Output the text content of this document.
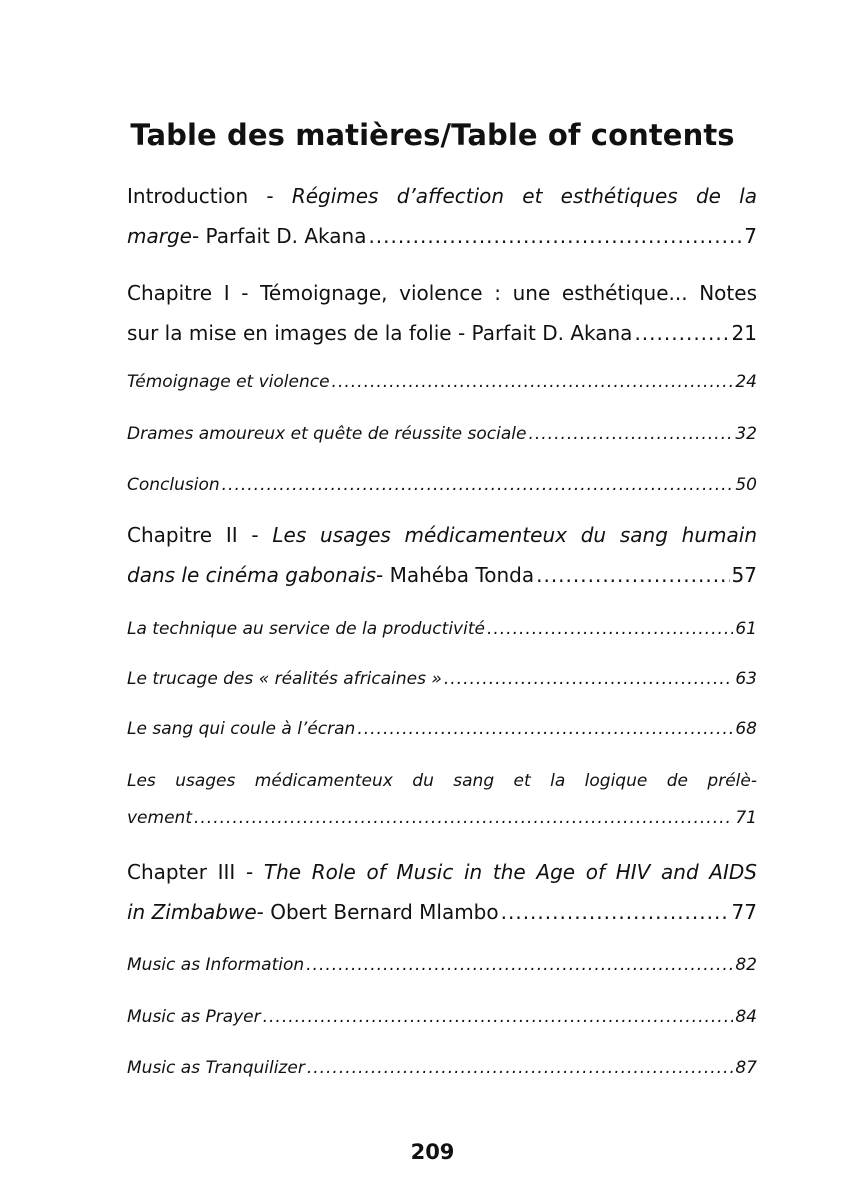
Table des matières/Table of contents
Introduction - Régimes d’affection et esthétiques de la
marge - Parfait D. Akana .....	7
Chapitre I - Témoignage, violence : une esthétique... Notes
sur la mise en images de la folie - Parfait D. Akana .....	21
Témoignage et violence .....	24
Drames amoureux et quête de réussite sociale .....	32
Conclusion .....	50
Chapitre II - Les usages médicamenteux du sang humain
dans le cinéma gabonais - Mahéba Tonda .....	57
La technique au service de la productivité .....	61
Le trucage des « réalités africaines » .....	63
Le sang qui coule à l’écran .....	68
Les usages médicamenteux du sang et la logique de prélè-
vement .....	71
Chapter III - The Role of Music in the Age of HIV and AIDS
in Zimbabwe - Obert Bernard Mlambo .....	77
Music as Information .....	82
Music as Prayer .....	84
Music as Tranquilizer .....	87
209
